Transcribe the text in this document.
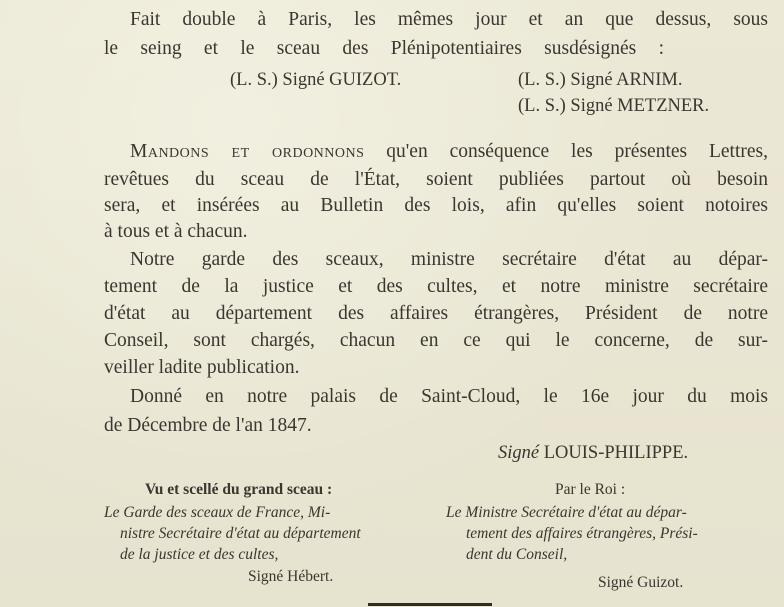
Fait double à Paris, les mêmes jour et an que dessus, sous
le seing et le sceau des Plénipotentiaires susdésignés :
(L. S.) Signé GUIZOT.	(L. S.) Signé ARNIM.
(L. S.) Signé METZNER.
Mandons et ordonnons qu'en conséquence les présentes Lettres,
revêtues du sceau de l'État, soient publiées partout où besoin
sera, et insérées au Bulletin des lois, afin qu'elles soient notoires
à tous et à chacun.
Notre garde des sceaux, ministre secrétaire d'état au dépar-
tement de la justice et des cultes, et notre ministre secrétaire
d'état au département des affaires étrangères, Président de notre
Conseil, sont chargés, chacun en ce qui le concerne, de sur-
veiller ladite publication.
Donné en notre palais de Saint-Cloud, le 16e jour du mois
de Décembre de l'an 1847.
Signé LOUIS-PHILIPPE.
Vu et scellé du grand sceau :
Le Garde des sceaux de France, Mi-
nistre Secrétaire d'état au département
de la justice et des cultes,
Signé Hébert.
Par le Roi :
Le Ministre Secrétaire d'état au dépar-
tement des affaires étrangères, Prési-
dent du Conseil,
Signé Guizot.
